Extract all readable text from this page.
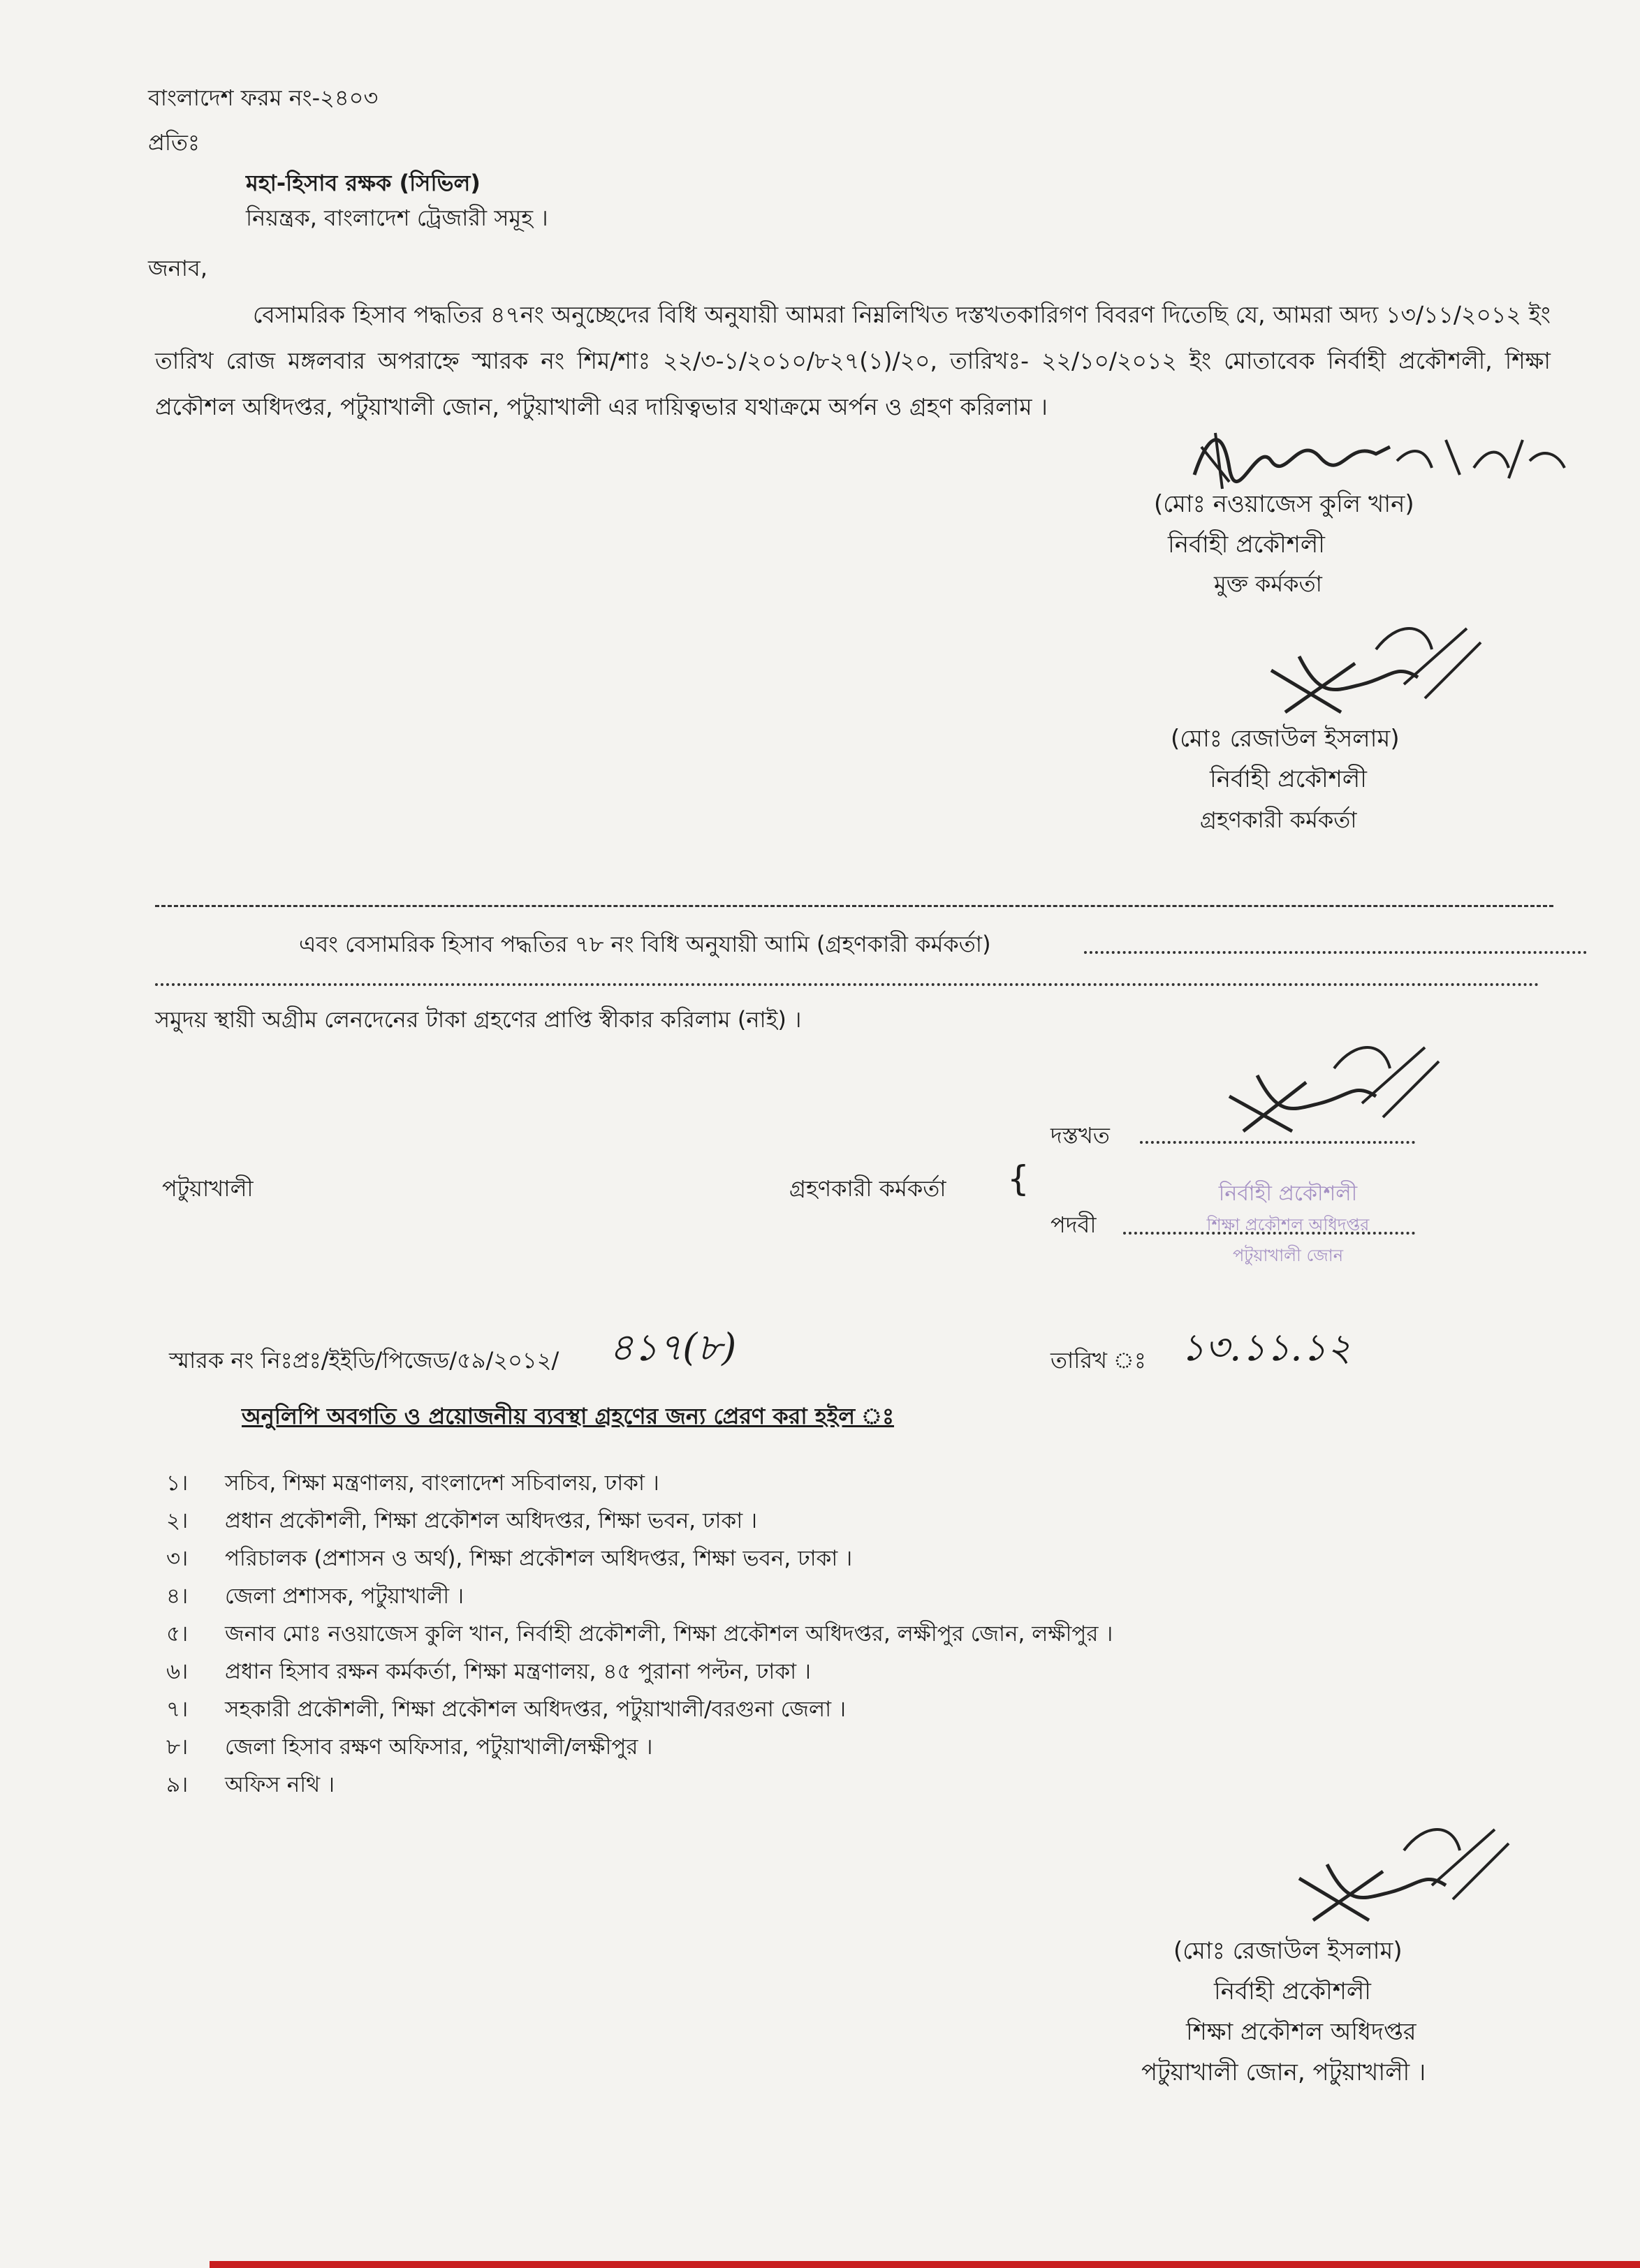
বাংলাদেশ ফরম নং-২৪০৩
প্রতিঃ
মহা-হিসাব রক্ষক (সিভিল)
নিয়ন্ত্রক, বাংলাদেশ ট্রেজারী সমূহ ।
জনাব,
বেসামরিক হিসাব পদ্ধতির ৪৭নং অনুচ্ছেদের বিধি অনুযায়ী আমরা নিম্নলিখিত দস্তখতকারিগণ বিবরণ দিতেছি যে, আমরা অদ্য ১৩/১১/২০১২ ইং তারিখ রোজ মঙ্গলবার অপরাহ্নে স্মারক নং শিম/শাঃ ২২/৩-১/২০১০/৮২৭(১)/২০, তারিখঃ- ২২/১০/২০১২ ইং মোতাবেক নির্বাহী প্রকৌশলী, শিক্ষা প্রকৌশল অধিদপ্তর, পটুয়াখালী জোন, পটুয়াখালী এর দায়িত্বভার যথাক্রমে অর্পন ও গ্রহণ করিলাম ।
(মোঃ নওয়াজেস কুলি খান)
নির্বাহী প্রকৌশলী
মুক্ত কর্মকর্তা
(মোঃ রেজাউল ইসলাম)
নির্বাহী প্রকৌশলী
গ্রহণকারী কর্মকর্তা
এবং বেসামরিক হিসাব পদ্ধতির ৭৮ নং বিধি অনুযায়ী আমি (গ্রহণকারী কর্মকর্তা)
সমুদয় স্থায়ী অগ্রীম লেনদেনের টাকা গ্রহণের প্রাপ্তি স্বীকার করিলাম (নাই) ।
দস্তখত
পটুয়াখালী	গ্রহণকারী কর্মকর্তা {	নির্বাহী প্রকৌশলী
শিক্ষা প্রকৌশল অধিদপ্তর
পটুয়াখালী জোন
পদবী
স্মারক নং নিঃপ্রঃ/ইইডি/পিজেড/৫৯/২০১২/ ৪১৭(৮)	তারিখ ঃ ১৩.১১.১২
অনুলিপি অবগতি ও প্রয়োজনীয় ব্যবস্থা গ্রহণের জন্য প্রেরণ করা হইল ঃ
১। সচিব, শিক্ষা মন্ত্রণালয়, বাংলাদেশ সচিবালয়, ঢাকা ।
২। প্রধান প্রকৌশলী, শিক্ষা প্রকৌশল অধিদপ্তর, শিক্ষা ভবন, ঢাকা ।
৩। পরিচালক (প্রশাসন ও অর্থ), শিক্ষা প্রকৌশল অধিদপ্তর, শিক্ষা ভবন, ঢাকা ।
৪। জেলা প্রশাসক, পটুয়াখালী ।
৫। জনাব মোঃ নওয়াজেস কুলি খান, নির্বাহী প্রকৌশলী, শিক্ষা প্রকৌশল অধিদপ্তর, লক্ষীপুর জোন, লক্ষীপুর ।
৬। প্রধান হিসাব রক্ষন কর্মকর্তা, শিক্ষা মন্ত্রণালয়, ৪৫ পুরানা পল্টন, ঢাকা ।
৭। সহকারী প্রকৌশলী, শিক্ষা প্রকৌশল অধিদপ্তর, পটুয়াখালী/বরগুনা জেলা ।
৮। জেলা হিসাব রক্ষণ অফিসার, পটুয়াখালী/লক্ষীপুর ।
৯। অফিস নথি ।
(মোঃ রেজাউল ইসলাম)
নির্বাহী প্রকৌশলী
শিক্ষা প্রকৌশল অধিদপ্তর
পটুয়াখালী জোন, পটুয়াখালী ।
